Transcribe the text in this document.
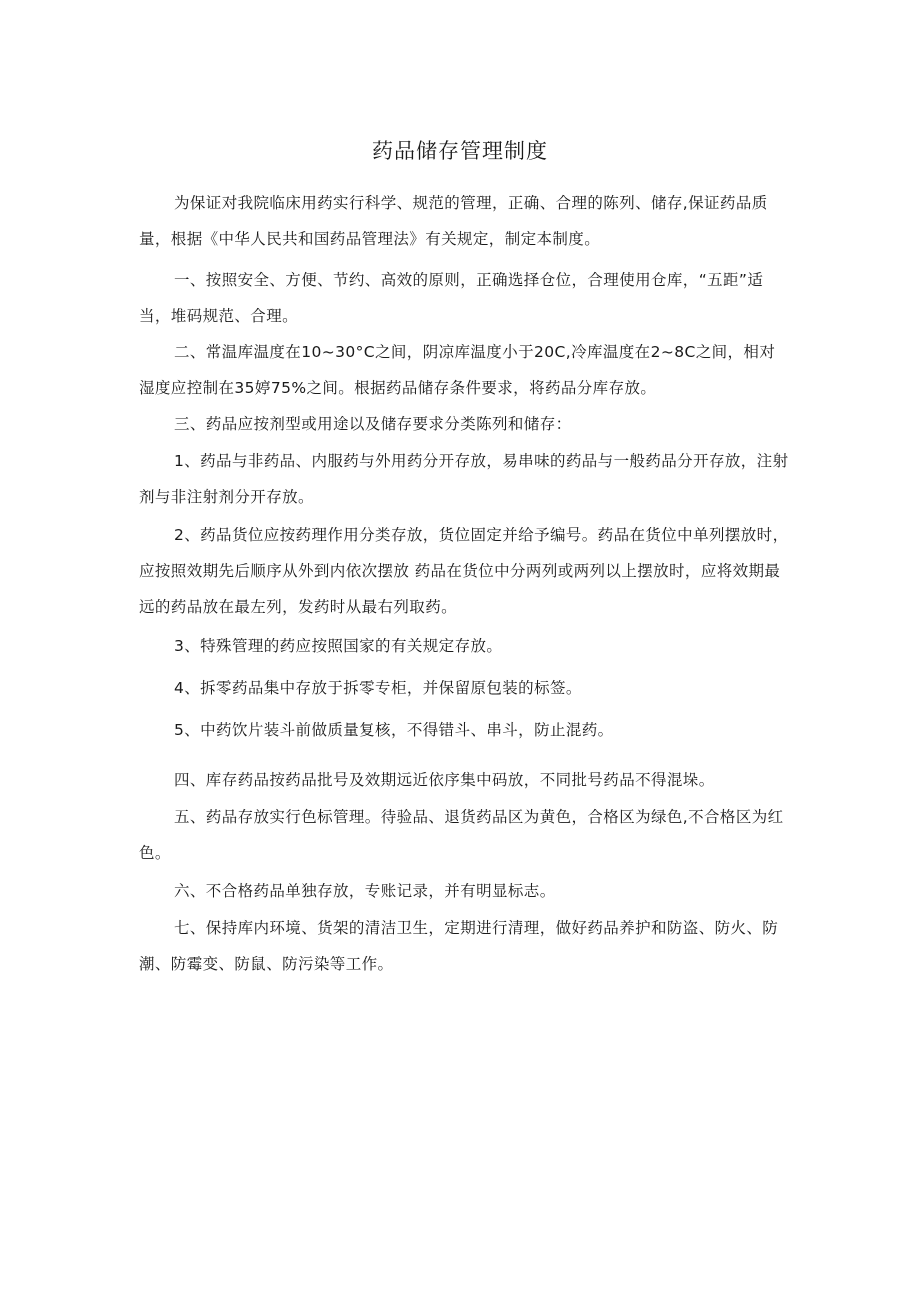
药品储存管理制度

为保证对我院临床用药实行科学、规范的管理，正确、合理的陈列、储存,保证药品质量，根据《中华人民共和国药品管理法》有关规定，制定本制度。

一、按照安全、方便、节约、高效的原则，正确选择仓位，合理使用仓库，“五距”适当，堆码规范、合理。

二、常温库温度在10~30°C之间，阴凉库温度小于20C,冷库温度在2~8C之间，相对湿度应控制在35婷75%之间。根据药品储存条件要求，将药品分库存放。

三、药品应按剂型或用途以及储存要求分类陈列和储存：

1、药品与非药品、内服药与外用药分开存放，易串味的药品与一般药品分开存放，注射剂与非注射剂分开存放。

2、药品货位应按药理作用分类存放，货位固定并给予编号。药品在货位中单列摆放时，应按照效期先后顺序从外到内依次摆放 药品在货位中分两列或两列以上摆放时，应将效期最远的药品放在最左列，发药时从最右列取药。

3、特殊管理的药应按照国家的有关规定存放。

4、拆零药品集中存放于拆零专柜，并保留原包装的标签。

5、中药饮片装斗前做质量复核，不得错斗、串斗，防止混药。

四、库存药品按药品批号及效期远近依序集中码放，不同批号药品不得混垛。

五、药品存放实行色标管理。待验品、退货药品区为黄色，合格区为绿色,不合格区为红色。

六、不合格药品单独存放，专账记录，并有明显标志。

七、保持库内环境、货架的清洁卫生，定期进行清理，做好药品养护和防盗、防火、防潮、防霉变、防鼠、防污染等工作。
